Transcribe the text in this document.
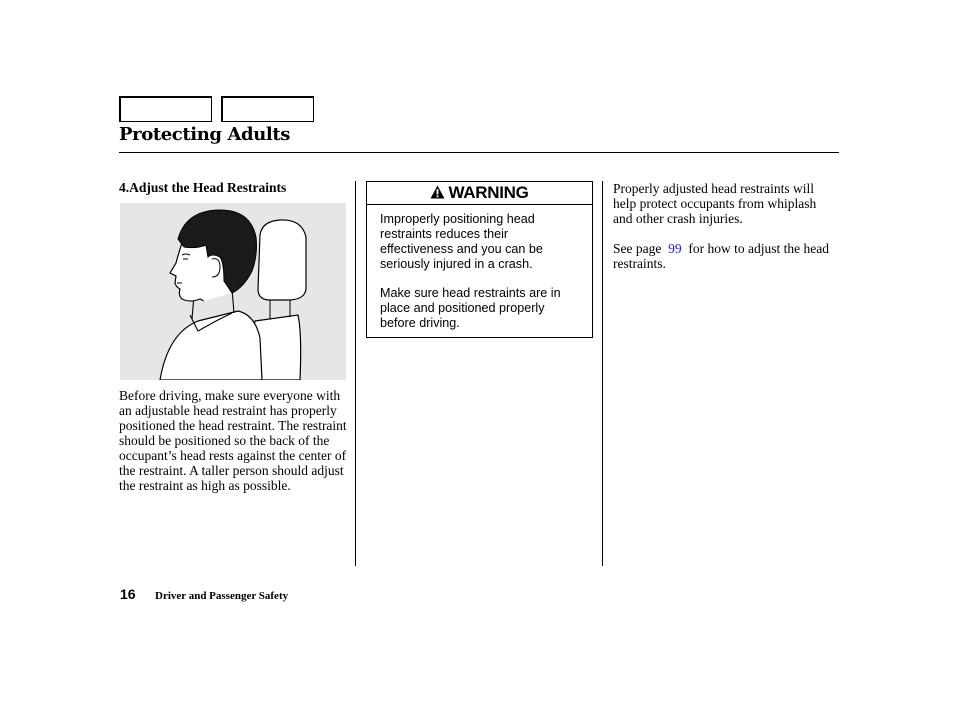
Protecting Adults
4.Adjust the Head Restraints

Before driving, make sure everyone with an adjustable head restraint has properly positioned the head restraint. The restraint should be positioned so the back of the occupant’s head rests against the center of the restraint. A taller person should adjust the restraint as high as possible.

WARNING

Improperly positioning head restraints reduces their effectiveness and you can be seriously injured in a crash.

Make sure head restraints are in place and positioned properly before driving.

Properly adjusted head restraints will help protect occupants from whiplash and other crash injuries.

See page 99 for how to adjust the head restraints.

16 Driver and Passenger Safety
